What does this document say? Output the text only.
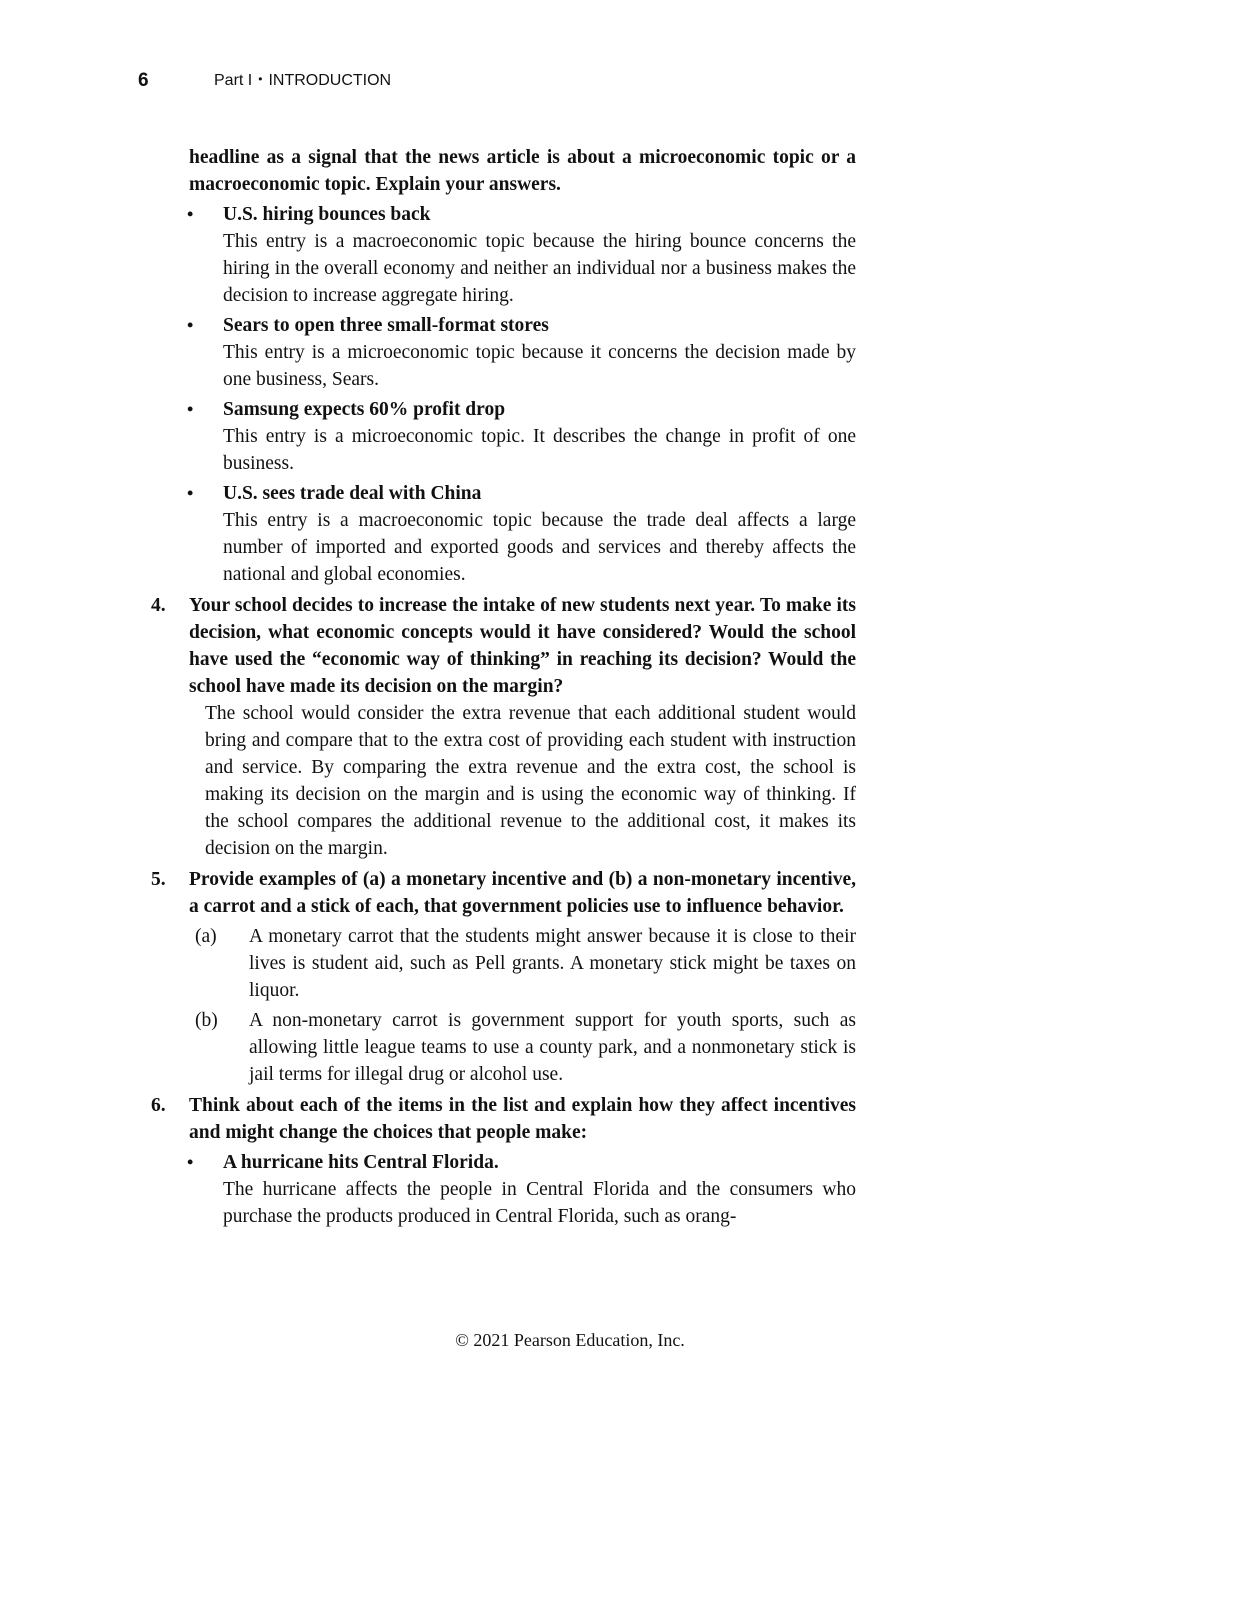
6	Part I • INTRODUCTION
headline as a signal that the news article is about a microeconomic topic or a macroeconomic topic. Explain your answers.
• U.S. hiring bounces back
This entry is a macroeconomic topic because the hiring bounce concerns the hiring in the overall economy and neither an individual nor a business makes the decision to increase aggregate hiring.
• Sears to open three small-format stores
This entry is a microeconomic topic because it concerns the decision made by one business, Sears.
• Samsung expects 60% profit drop
This entry is a microeconomic topic. It describes the change in profit of one business.
• U.S. sees trade deal with China
This entry is a macroeconomic topic because the trade deal affects a large number of imported and exported goods and services and thereby affects the national and global economies.
4. Your school decides to increase the intake of new students next year. To make its decision, what economic concepts would it have considered? Would the school have used the “economic way of thinking” in reaching its decision? Would the school have made its decision on the margin?
The school would consider the extra revenue that each additional student would bring and compare that to the extra cost of providing each student with instruction and service. By comparing the extra revenue and the extra cost, the school is making its decision on the margin and is using the economic way of thinking. If the school compares the additional revenue to the additional cost, it makes its decision on the margin.
5. Provide examples of (a) a monetary incentive and (b) a non-monetary incentive, a carrot and a stick of each, that government policies use to influence behavior.
(a) A monetary carrot that the students might answer because it is close to their lives is student aid, such as Pell grants. A monetary stick might be taxes on liquor.
(b) A non-monetary carrot is government support for youth sports, such as allowing little league teams to use a county park, and a nonmonetary stick is jail terms for illegal drug or alcohol use.
6. Think about each of the items in the list and explain how they affect incentives and might change the choices that people make:
• A hurricane hits Central Florida.
The hurricane affects the people in Central Florida and the consumers who purchase the products produced in Central Florida, such as orang-
© 2021 Pearson Education, Inc.
